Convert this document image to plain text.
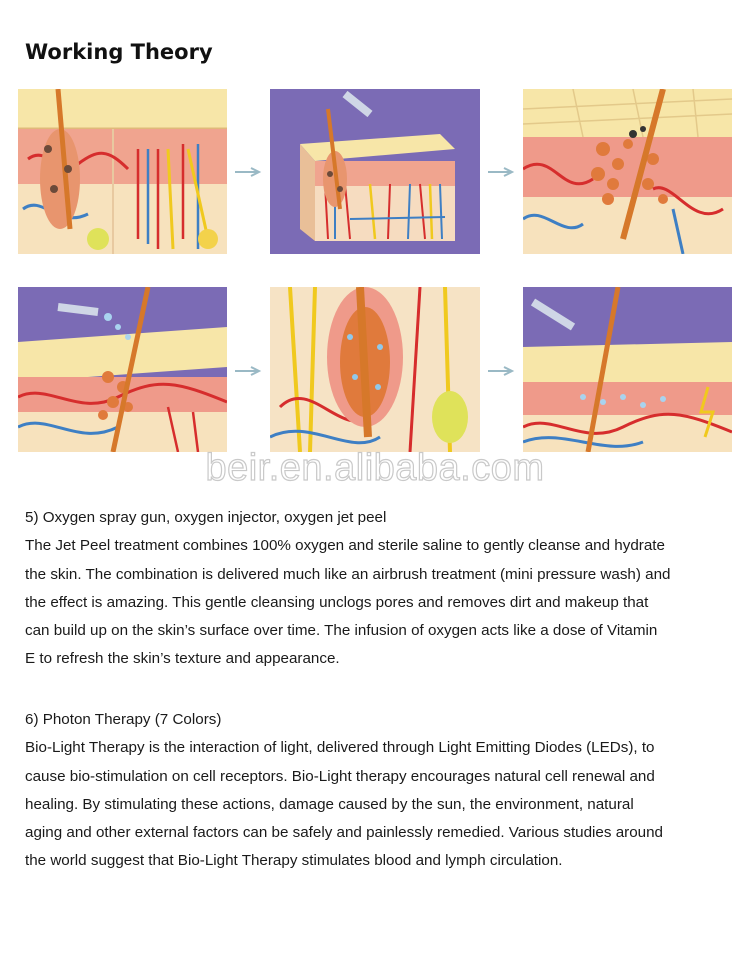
Working Theory
beir.en.alibaba.com
5) Oxygen spray gun, oxygen injector, oxygen jet peel
The Jet Peel treatment combines 100% oxygen and sterile saline to gently cleanse and hydrate
the skin. The combination is delivered much like an airbrush treatment (mini pressure wash) and
the effect is amazing. This gentle cleansing unclogs pores and removes dirt and makeup that
can build up on the skin’s surface over time. The infusion of oxygen acts like a dose of Vitamin
E to refresh the skin’s texture and appearance.
6) Photon Therapy (7 Colors)
Bio-Light Therapy is the interaction of light, delivered through Light Emitting Diodes (LEDs), to
cause bio-stimulation on cell receptors. Bio-Light therapy encourages natural cell renewal and
healing. By stimulating these actions, damage caused by the sun, the environment, natural
aging and other external factors can be safely and painlessly remedied. Various studies around
the world suggest that Bio-Light Therapy stimulates blood and lymph circulation.
